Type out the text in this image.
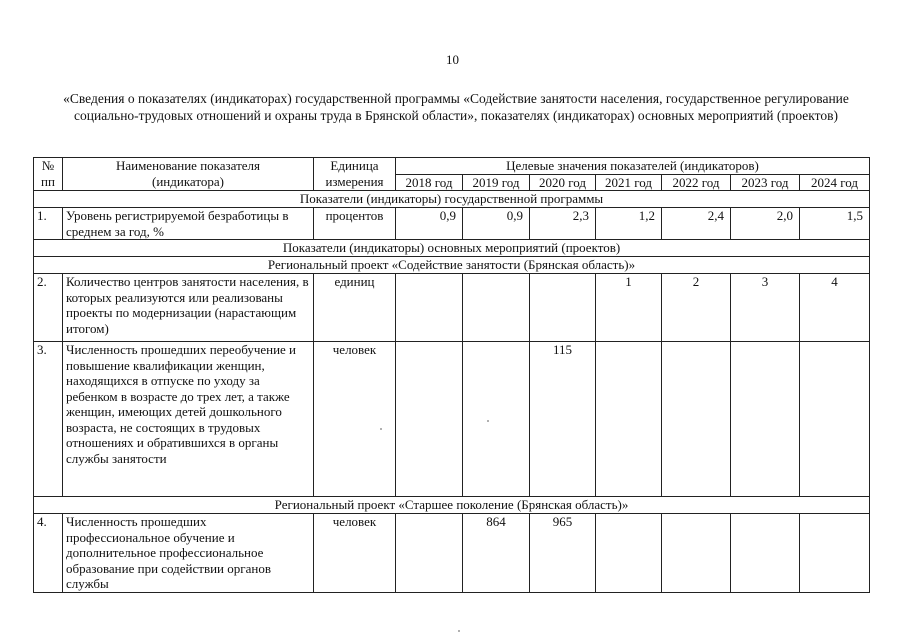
10
«Сведения о показателях (индикаторах) государственной программы «Содействие занятости населения, государственное регулирование социально-трудовых отношений и охраны труда в Брянской области», показателях (индикаторах) основных мероприятий (проектов)
№ пп	Наименование показателя (индикатора)	Единица измерения	Целевые значения показателей (индикаторов)						
			2018 год	2019 год	2020 год	2021 год	2022 год	2023 год	2024 год
Показатели (индикаторы) государственной программы									
1.	Уровень регистрируемой безработицы в среднем за год, %	процентов	0,9	0,9	2,3	1,2	2,4	2,0	1,5
Показатели (индикаторы) основных мероприятий (проектов)									
Региональный проект «Содействие занятости (Брянская область)»									
2.	Количество центров занятости населения, в которых реализуются или реализованы проекты по модернизации (нарастающим итогом)	единиц				1	2	3	4
3.	Численность прошедших переобучение и повышение квалификации женщин, находящихся в отпуске по уходу за ребенком в возрасте до трех лет, а также женщин, имеющих детей дошкольного возраста, не состоящих в трудовых отношениях и обратившихся в органы службы занятости	человек			115				
Региональный проект «Старшее поколение (Брянская область)»									
4.	Численность прошедших профессиональное обучение и дополнительное профессиональное образование при содействии органов службы	человек		864	965				
